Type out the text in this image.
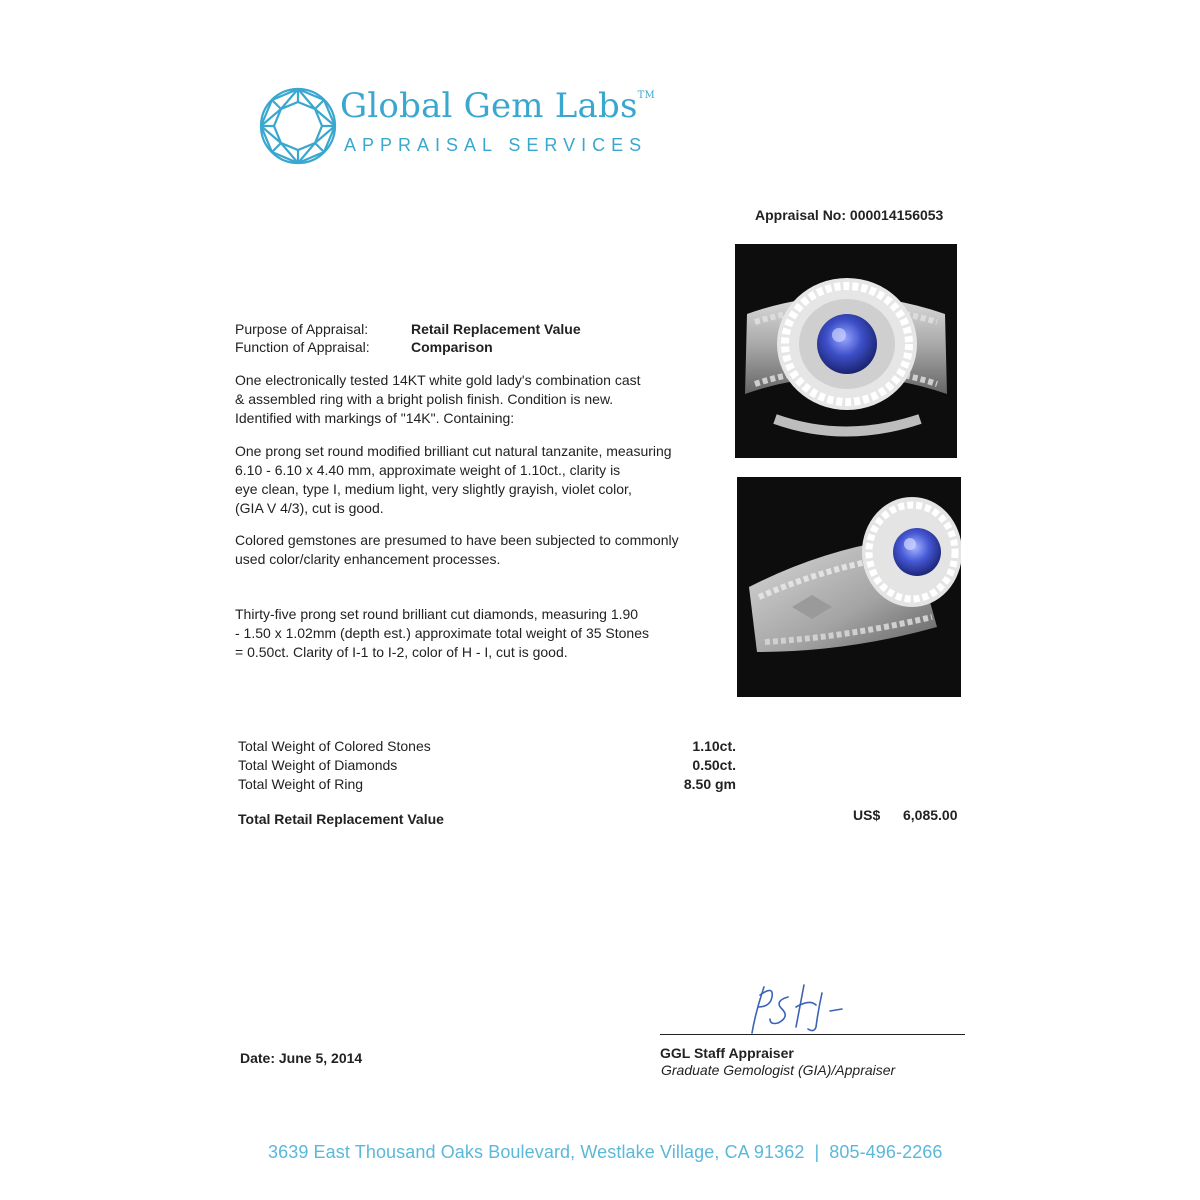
Global Gem Labs™
APPRAISAL SERVICES
Appraisal No: 000014156053
Purpose of Appraisal:	Retail Replacement Value
Function of Appraisal:	Comparison
One electronically tested 14KT white gold lady's combination cast
& assembled ring with a bright polish finish. Condition is new.
Identified with markings of "14K". Containing:
One prong set round modified brilliant cut natural tanzanite, measuring
6.10 - 6.10 x 4.40 mm, approximate weight of 1.10ct., clarity is
eye clean, type I, medium light, very slightly grayish, violet color,
(GIA V 4/3), cut is good.
Colored gemstones are presumed to have been subjected to commonly
used color/clarity enhancement processes.
Thirty-five prong set round brilliant cut diamonds, measuring 1.90
- 1.50 x 1.02mm (depth est.) approximate total weight of 35 Stones
= 0.50ct. Clarity of I-1 to I-2, color of H - I, cut is good.
Total Weight of Colored Stones	1.10ct.
Total Weight of Diamonds	0.50ct.
Total Weight of Ring	8.50 gm
Total Retail Replacement Value	US$ 6,085.00
GGL Staff Appraiser
Graduate Gemologist (GIA)/Appraiser
Date: June 5, 2014
3639 East Thousand Oaks Boulevard, Westlake Village, CA 91362 | 805-496-2266
